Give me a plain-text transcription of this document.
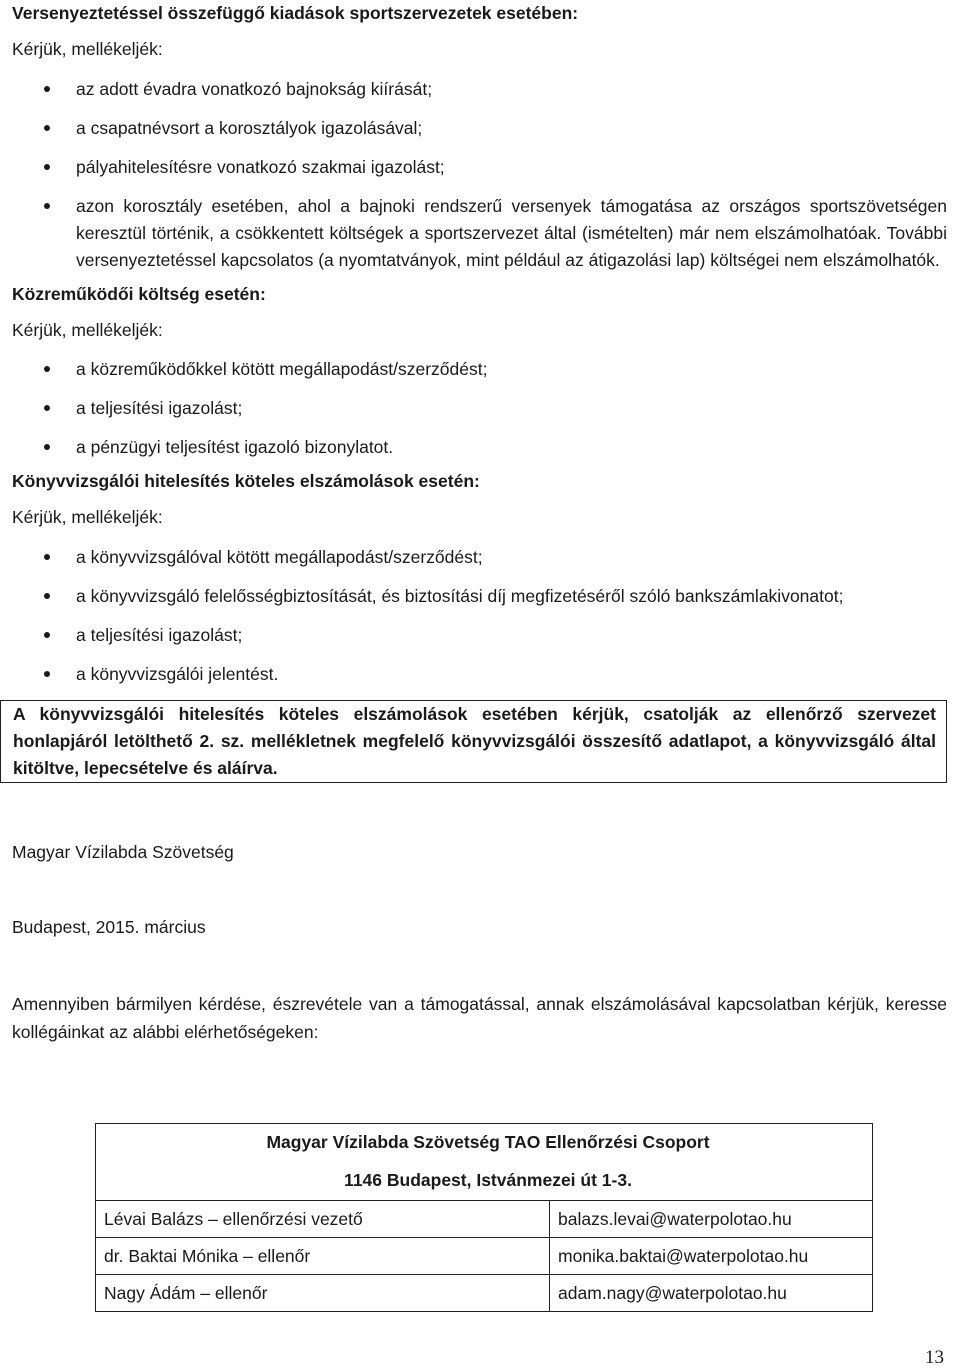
Versenyeztetéssel összefüggő kiadások sportszervezetek esetében:

Kérjük, mellékeljék:

az adott évadra vonatkozó bajnokság kiírását;
a csapatnévsort a korosztályok igazolásával;
pályahitelesítésre vonatkozó szakmai igazolást;
azon korosztály esetében, ahol a bajnoki rendszerű versenyek támogatása az országos sportszövetségen keresztül történik, a csökkentett költségek a sportszervezet által (ismételten) már nem elszámolhatóak. További versenyeztetéssel kapcsolatos (a nyomtatványok, mint például az átigazolási lap) költségei nem elszámolhatók.

Közreműködői költség esetén:

Kérjük, mellékeljék:

a közreműködőkkel kötött megállapodást/szerződést;
a teljesítési igazolást;
a pénzügyi teljesítést igazoló bizonylatot.

Könyvvizsgálói hitelesítés köteles elszámolások esetén:

Kérjük, mellékeljék:

a könyvvizsgálóval kötött megállapodást/szerződést;
a könyvvizsgáló felelősségbiztosítását, és biztosítási díj megfizetéséről szóló bankszámlakivonatot;
a teljesítési igazolást;
a könyvvizsgálói jelentést.
A könyvvizsgálói hitelesítés köteles elszámolások esetében kérjük, csatolják az ellenőrző szervezet honlapjáról letölthető 2. sz. mellékletnek megfelelő könyvvizsgálói összesítő adatlapot, a könyvvizsgáló által kitöltve, lepecsételve és aláírva.

Magyar Vízilabda Szövetség

Budapest, 2015. március

Amennyiben bármilyen kérdése, észrevétele van a támogatással, annak elszámolásával kapcsolatban kérjük, keresse kollégáinkat az alábbi elérhetőségeken:

Magyar Vízilabda Szövetség TAO Ellenőrzési Csoport	
1146 Budapest, Istvánmezei út 1-3.	
Lévai Balázs – ellenőrzési vezető	balazs.levai@waterpolotao.hu
dr. Baktai Mónika – ellenőr	monika.baktai@waterpolotao.hu
Nagy Ádám – ellenőr	adam.nagy@waterpolotao.hu
13
